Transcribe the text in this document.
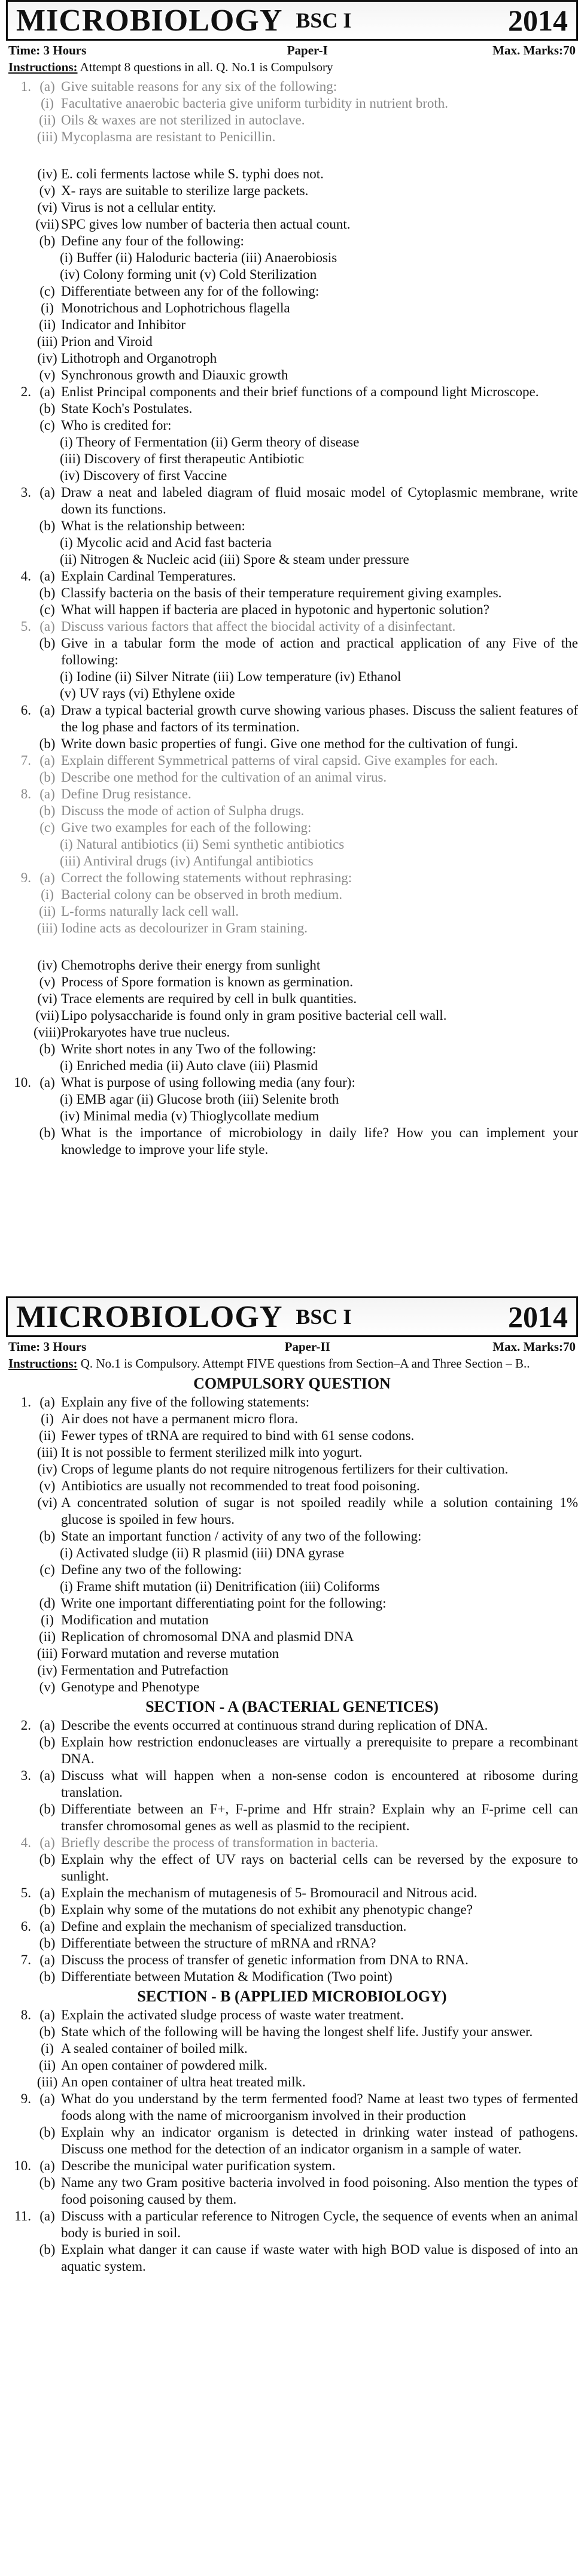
MICROBIOLOGY BSC I	2014
Time: 3 Hours	Paper-I	Max. Marks:70
Instructions: Attempt 8 questions in all. Q. No.1 is Compulsory
1. (a) Give suitable reasons for any six of the following:
(i) Facultative anaerobic bacteria give uniform turbidity in nutrient broth.
(ii) Oils & waxes are not sterilized in autoclave.
(iii) Mycoplasma are resistant to Penicillin.
(iv) E. coli ferments lactose while S. typhi does not.
(v) X- rays are suitable to sterilize large packets.
(vi) Virus is not a cellular entity.
(vii) SPC gives low number of bacteria then actual count.
(b) Define any four of the following:
(i) Buffer (ii) Haloduric bacteria (iii) Anaerobiosis
(iv) Colony forming unit (v) Cold Sterilization
(c) Differentiate between any for of the following:
(i) Monotrichous and Lophotrichous flagella
(ii) Indicator and Inhibitor
(iii) Prion and Viroid
(iv) Lithotroph and Organotroph
(v) Synchronous growth and Diauxic growth
2. (a) Enlist Principal components and their brief functions of a compound light Microscope.
(b) State Koch's Postulates.
(c) Who is credited for:
(i) Theory of Fermentation (ii) Germ theory of disease
(iii) Discovery of first therapeutic Antibiotic
(iv) Discovery of first Vaccine
3. (a) Draw a neat and labeled diagram of fluid mosaic model of Cytoplasmic membrane, write down its functions.
(b) What is the relationship between:
(i) Mycolic acid and Acid fast bacteria
(ii) Nitrogen & Nucleic acid (iii) Spore & steam under pressure
4. (a) Explain Cardinal Temperatures.
(b) Classify bacteria on the basis of their temperature requirement giving examples.
(c) What will happen if bacteria are placed in hypotonic and hypertonic solution?
5. (a) Discuss various factors that affect the biocidal activity of a disinfectant.
(b) Give in a tabular form the mode of action and practical application of any Five of the following:
(i) Iodine (ii) Silver Nitrate (iii) Low temperature (iv) Ethanol
(v) UV rays (vi) Ethylene oxide
6. (a) Draw a typical bacterial growth curve showing various phases. Discuss the salient features of the log phase and factors of its termination.
(b) Write down basic properties of fungi. Give one method for the cultivation of fungi.
7. (a) Explain different Symmetrical patterns of viral capsid. Give examples for each.
(b) Describe one method for the cultivation of an animal virus.
8. (a) Define Drug resistance.
(b) Discuss the mode of action of Sulpha drugs.
(c) Give two examples for each of the following:
(i) Natural antibiotics (ii) Semi synthetic antibiotics
(iii) Antiviral drugs (iv) Antifungal antibiotics
9. (a) Correct the following statements without rephrasing:
(i) Bacterial colony can be observed in broth medium.
(ii) L-forms naturally lack cell wall.
(iii) Iodine acts as decolourizer in Gram staining.
(iv) Chemotrophs derive their energy from sunlight
(v) Process of Spore formation is known as germination.
(vi) Trace elements are required by cell in bulk quantities.
(vii) Lipo polysaccharide is found only in gram positive bacterial cell wall.
(viii) Prokaryotes have true nucleus.
(b) Write short notes in any Two of the following:
(i) Enriched media (ii) Auto clave (iii) Plasmid
10. (a) What is purpose of using following media (any four):
(i) EMB agar (ii) Glucose broth (iii) Selenite broth
(iv) Minimal media (v) Thioglycollate medium
(b) What is the importance of microbiology in daily life? How you can implement your knowledge to improve your life style.
MICROBIOLOGY BSC I	2014
Time: 3 Hours	Paper-II	Max. Marks:70
Instructions: Q. No.1 is Compulsory. Attempt FIVE questions from Section–A and Three Section – B..
COMPULSORY QUESTION
1. (a) Explain any five of the following statements:
(i) Air does not have a permanent micro flora.
(ii) Fewer types of tRNA are required to bind with 61 sense codons.
(iii) It is not possible to ferment sterilized milk into yogurt.
(iv) Crops of legume plants do not require nitrogenous fertilizers for their cultivation.
(v) Antibiotics are usually not recommended to treat food poisoning.
(vi) A concentrated solution of sugar is not spoiled readily while a solution containing 1% glucose is spoiled in few hours.
(b) State an important function / activity of any two of the following:
(i) Activated sludge (ii) R plasmid (iii) DNA gyrase
(c) Define any two of the following:
(i) Frame shift mutation (ii) Denitrification (iii) Coliforms
(d) Write one important differentiating point for the following:
(i) Modification and mutation
(ii) Replication of chromosomal DNA and plasmid DNA
(iii) Forward mutation and reverse mutation
(iv) Fermentation and Putrefaction
(v) Genotype and Phenotype
SECTION - A (BACTERIAL GENETICES)
2. (a) Describe the events occurred at continuous strand during replication of DNA.
(b) Explain how restriction endonucleases are virtually a prerequisite to prepare a recombinant DNA.
3. (a) Discuss what will happen when a non-sense codon is encountered at ribosome during translation.
(b) Differentiate between an F+, F-prime and Hfr strain? Explain why an F-prime cell can transfer chromosomal genes as well as plasmid to the recipient.
4. (a) Briefly describe the process of transformation in bacteria.
(b) Explain why the effect of UV rays on bacterial cells can be reversed by the exposure to sunlight.
5. (a) Explain the mechanism of mutagenesis of 5- Bromouracil and Nitrous acid.
(b) Explain why some of the mutations do not exhibit any phenotypic change?
6. (a) Define and explain the mechanism of specialized transduction.
(b) Differentiate between the structure of mRNA and rRNA?
7. (a) Discuss the process of transfer of genetic information from DNA to RNA.
(b) Differentiate between Mutation & Modification (Two point)
SECTION - B (APPLIED MICROBIOLOGY)
8. (a) Explain the activated sludge process of waste water treatment.
(b) State which of the following will be having the longest shelf life. Justify your answer.
(i) A sealed container of boiled milk.
(ii) An open container of powdered milk.
(iii) An open container of ultra heat treated milk.
9. (a) What do you understand by the term fermented food? Name at least two types of fermented foods along with the name of microorganism involved in their production
(b) Explain why an indicator organism is detected in drinking water instead of pathogens. Discuss one method for the detection of an indicator organism in a sample of water.
10. (a) Describe the municipal water purification system.
(b) Name any two Gram positive bacteria involved in food poisoning. Also mention the types of food poisoning caused by them.
11. (a) Discuss with a particular reference to Nitrogen Cycle, the sequence of events when an animal body is buried in soil.
(b) Explain what danger it can cause if waste water with high BOD value is disposed of into an aquatic system.
